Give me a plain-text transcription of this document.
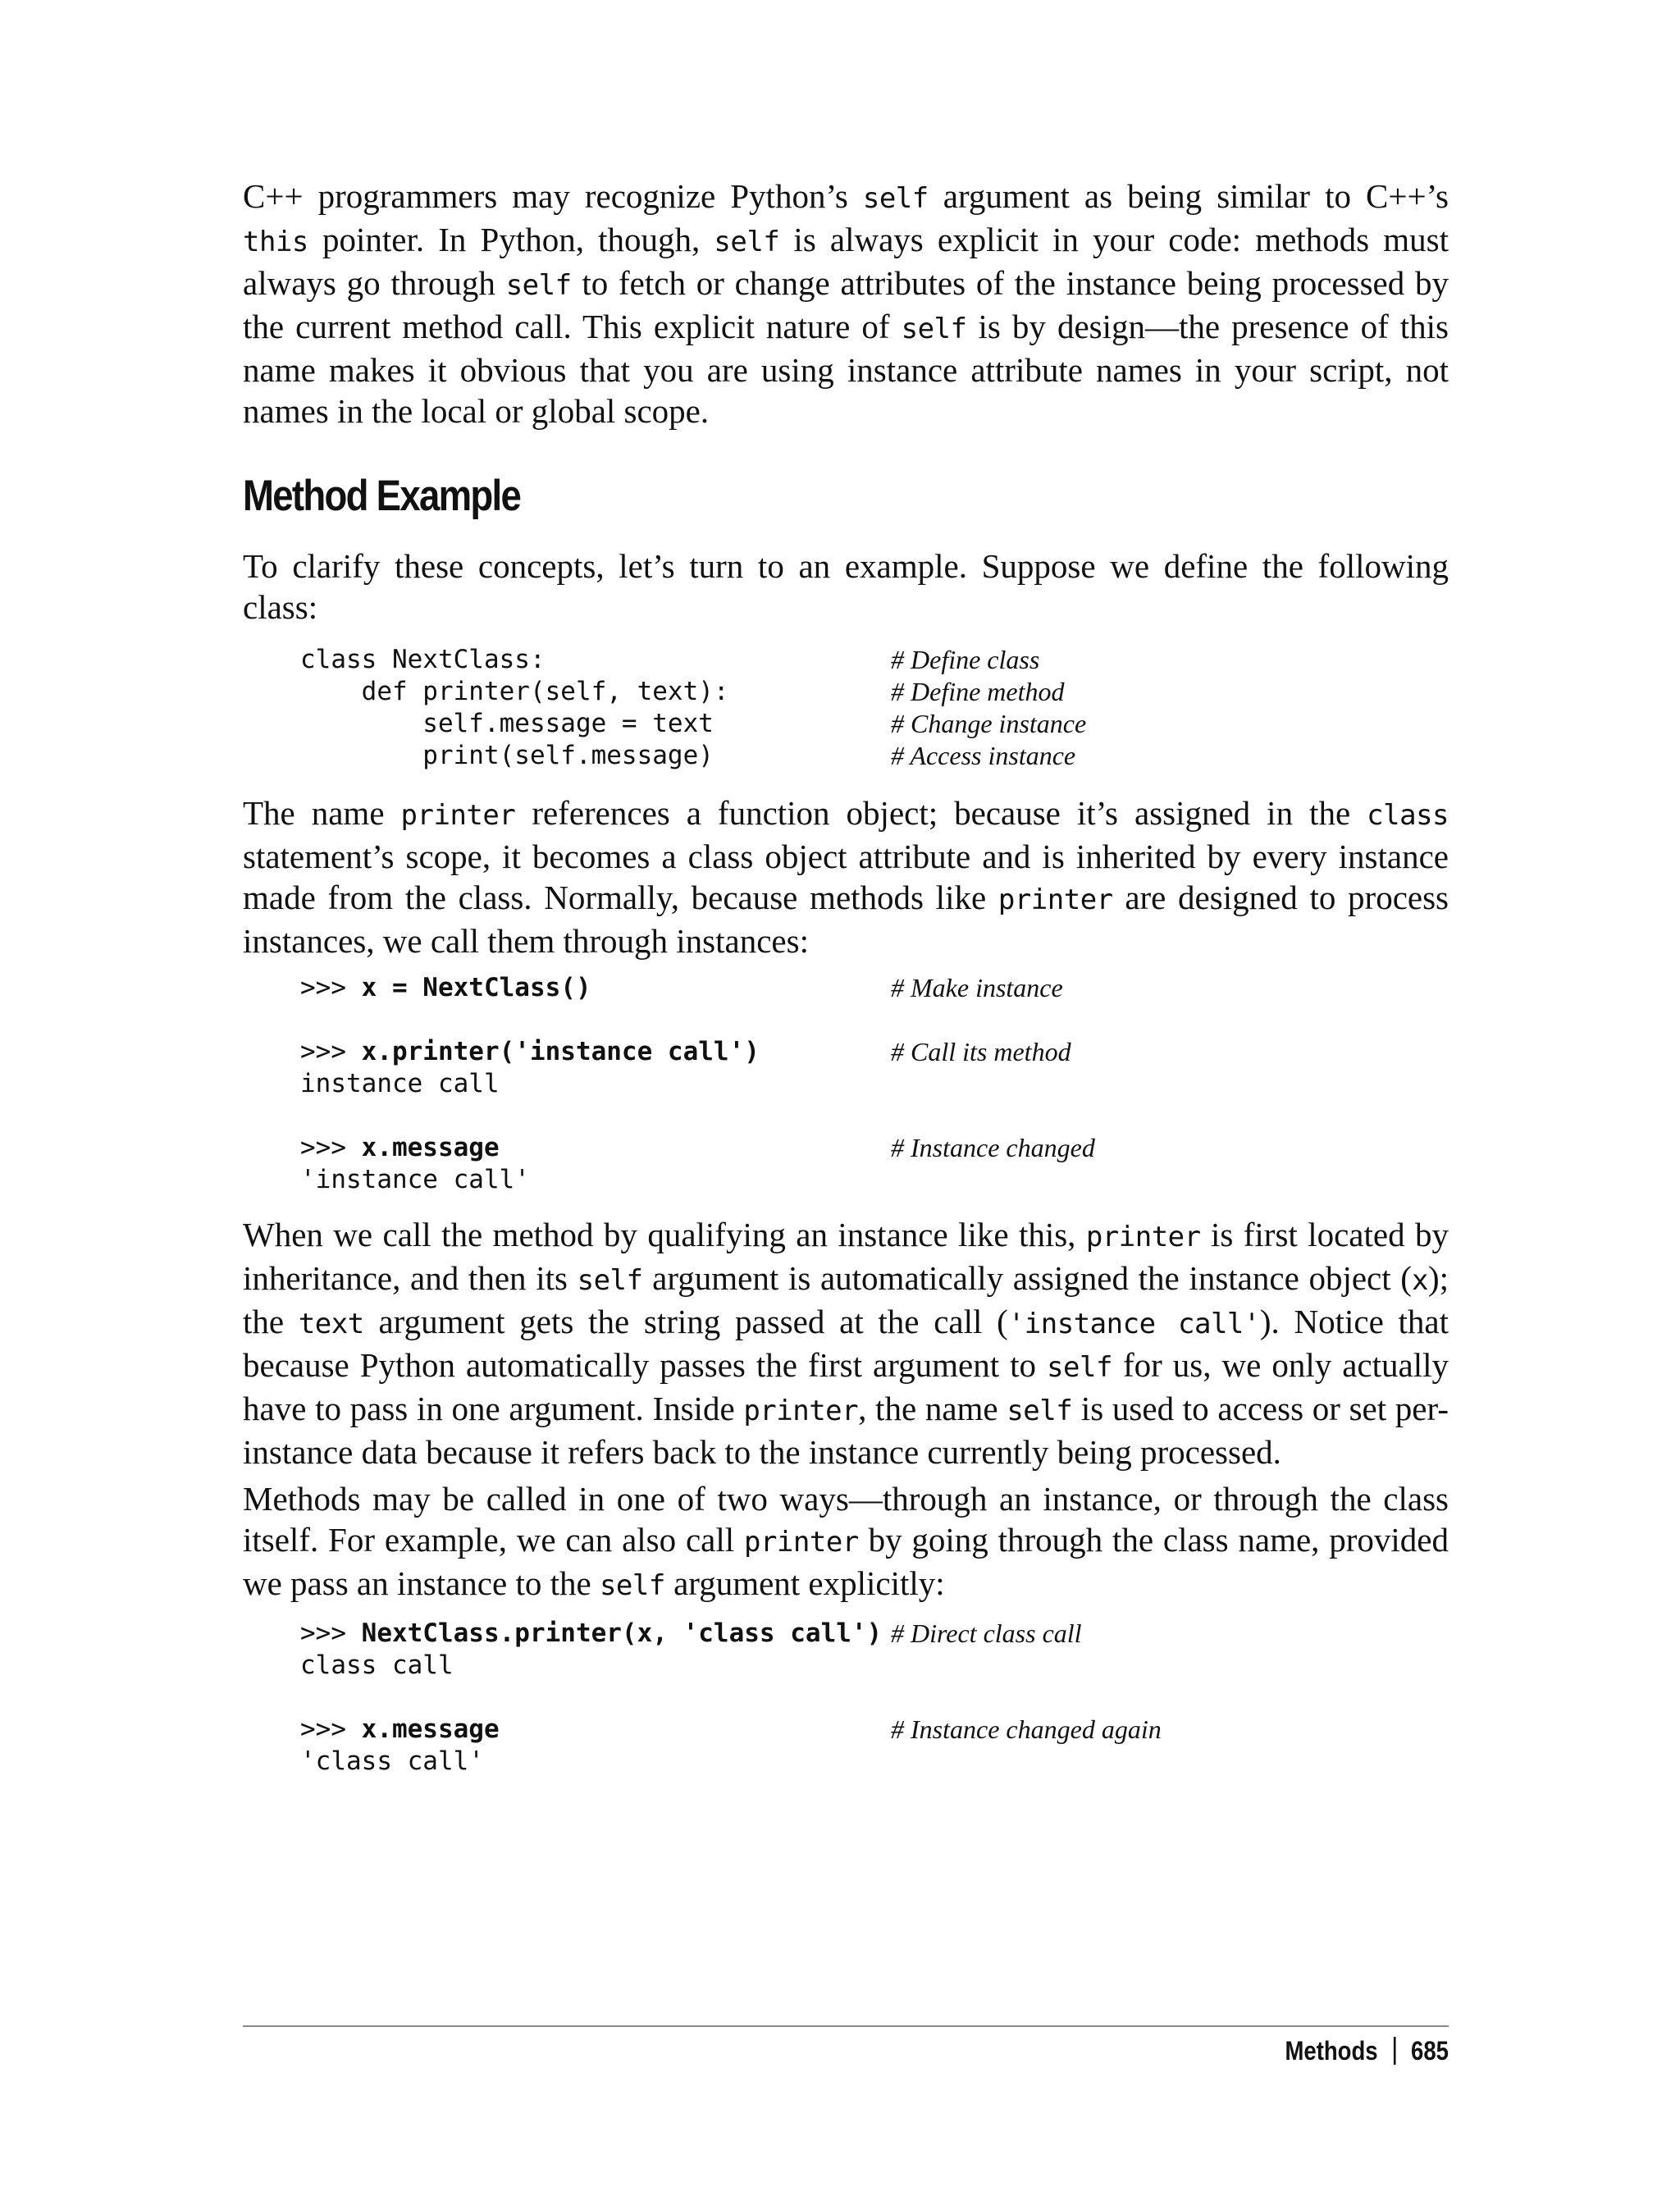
C++ programmers may recognize Python’s self argument as being similar to C++’s this pointer. In Python, though, self is always explicit in your code: methods must always go through self to fetch or change attributes of the instance being processed by the current method call. This explicit nature of self is by design—the presence of this name makes it obvious that you are using instance attribute names in your script, not names in the local or global scope.

Method Example

To clarify these concepts, let’s turn to an example. Suppose we define the following class:

class NextClass:	# Define class
def printer(self, text):	# Define method
self.message = text	# Change instance
print(self.message)	# Access instance

The name printer references a function object; because it’s assigned in the class statement’s scope, it becomes a class object attribute and is inherited by every instance made from the class. Normally, because methods like printer are designed to process instances, we call them through instances:

>>> x = NextClass()	# Make instance
>>> x.printer('instance call')	# Call its method
instance call
>>> x.message	# Instance changed
'instance call'

When we call the method by qualifying an instance like this, printer is first located by inheritance, and then its self argument is automatically assigned the instance object (x); the text argument gets the string passed at the call ('instance call'). Notice that because Python automatically passes the first argument to self for us, we only actually have to pass in one argument. Inside printer, the name self is used to access or set per-instance data because it refers back to the instance currently being processed.

Methods may be called in one of two ways—through an instance, or through the class itself. For example, we can also call printer by going through the class name, provided we pass an instance to the self argument explicitly:

>>> NextClass.printer(x, 'class call') # Direct class call
class call
>>> x.message	# Instance changed again
'class call'
Methods 685
